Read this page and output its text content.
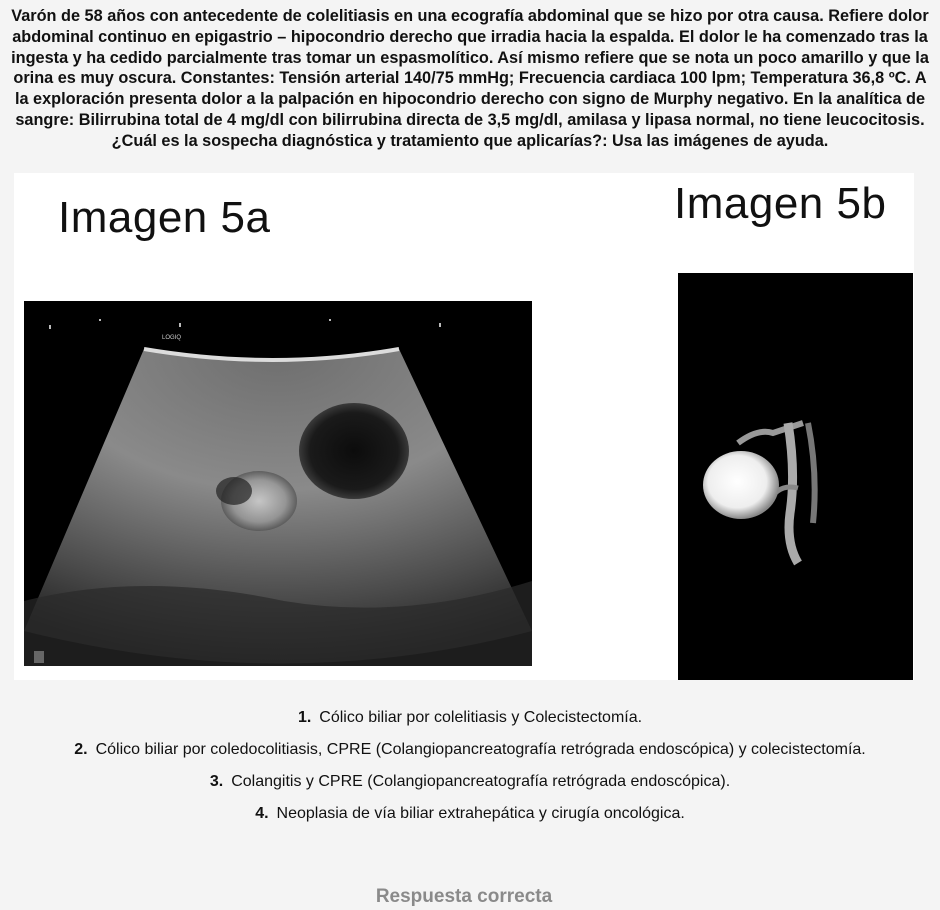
Varón de 58 años con antecedente de colelitiasis en una ecografía abdominal que se hizo por otra causa. Refiere dolor abdominal continuo en epigastrio – hipocondrio derecho que irradia hacia la espalda. El dolor le ha comenzado tras la ingesta y ha cedido parcialmente tras tomar un espasmolítico. Así mismo refiere que se nota un poco amarillo y que la orina es muy oscura. Constantes: Tensión arterial 140/75 mmHg; Frecuencia cardiaca 100 lpm; Temperatura 36,8 ºC. A la exploración presenta dolor a la palpación en hipocondrio derecho con signo de Murphy negativo. En la analítica de sangre: Bilirrubina total de 4 mg/dl con bilirrubina directa de 3,5 mg/dl, amilasa y lipasa normal, no tiene leucocitosis. ¿Cuál es la sospecha diagnóstica y tratamiento que aplicarías?: Usa las imágenes de ayuda.
Imagen 5a	Imagen 5b
LOGIQ
1. Cólico biliar por colelitiasis y Colecistectomía.
2. Cólico biliar por coledocolitiasis, CPRE (Colangiopancreatografía retrógrada endoscópica) y colecistectomía.
3. Colangitis y CPRE (Colangiopancreatografía retrógrada endoscópica).
4. Neoplasia de vía biliar extrahepática y cirugía oncológica.
Respuesta correcta
